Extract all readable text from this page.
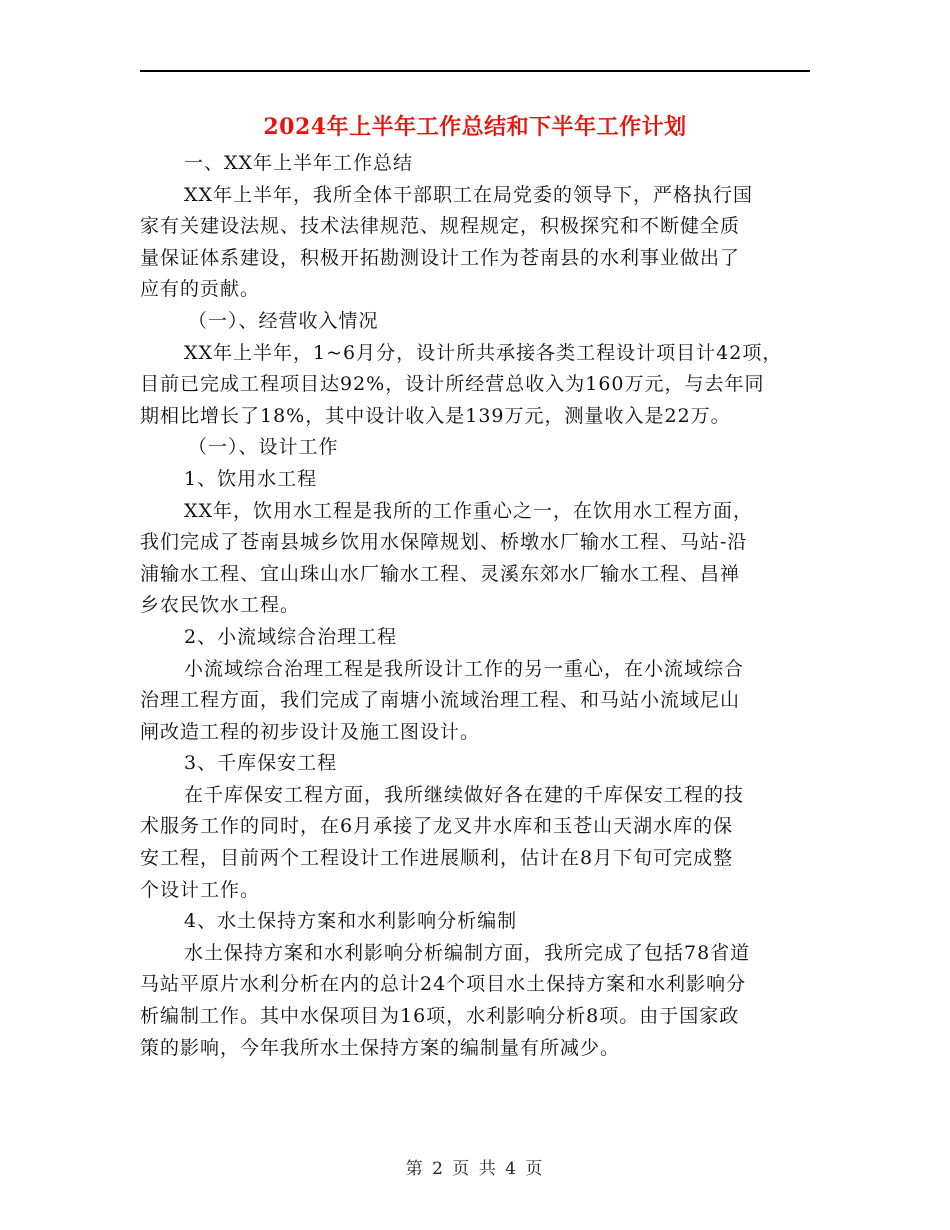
2024年上半年工作总结和下半年工作计划
一、XX年上半年工作总结
XX年上半年，我所全体干部职工在局党委的领导下，严格执行国
家有关建设法规、技术法律规范、规程规定，积极探究和不断健全质
量保证体系建设，积极开拓勘测设计工作为苍南县的水利事业做出了
应有的贡献。
（一）、经营收入情况
XX年上半年，1~6月分，设计所共承接各类工程设计项目计42项，
目前已完成工程项目达92%，设计所经营总收入为160万元，与去年同
期相比增长了18%，其中设计收入是139万元，测量收入是22万。
（一）、设计工作
1、饮用水工程
XX年，饮用水工程是我所的工作重心之一，在饮用水工程方面，
我们完成了苍南县城乡饮用水保障规划、桥墩水厂输水工程、马站-沿
浦输水工程、宜山珠山水厂输水工程、灵溪东郊水厂输水工程、昌禅
乡农民饮水工程。
2、小流域综合治理工程
小流域综合治理工程是我所设计工作的另一重心，在小流域综合
治理工程方面，我们完成了南塘小流域治理工程、和马站小流域尼山
闸改造工程的初步设计及施工图设计。
3、千库保安工程
在千库保安工程方面，我所继续做好各在建的千库保安工程的技
术服务工作的同时，在6月承接了龙叉井水库和玉苍山天湖水库的保
安工程，目前两个工程设计工作进展顺利，估计在8月下旬可完成整
个设计工作。
4、水土保持方案和水利影响分析编制
水土保持方案和水利影响分析编制方面，我所完成了包括78省道
马站平原片水利分析在内的总计24个项目水土保持方案和水利影响分
析编制工作。其中水保项目为16项，水利影响分析8项。由于国家政
策的影响，今年我所水土保持方案的编制量有所减少。
第 2 页 共 4 页
